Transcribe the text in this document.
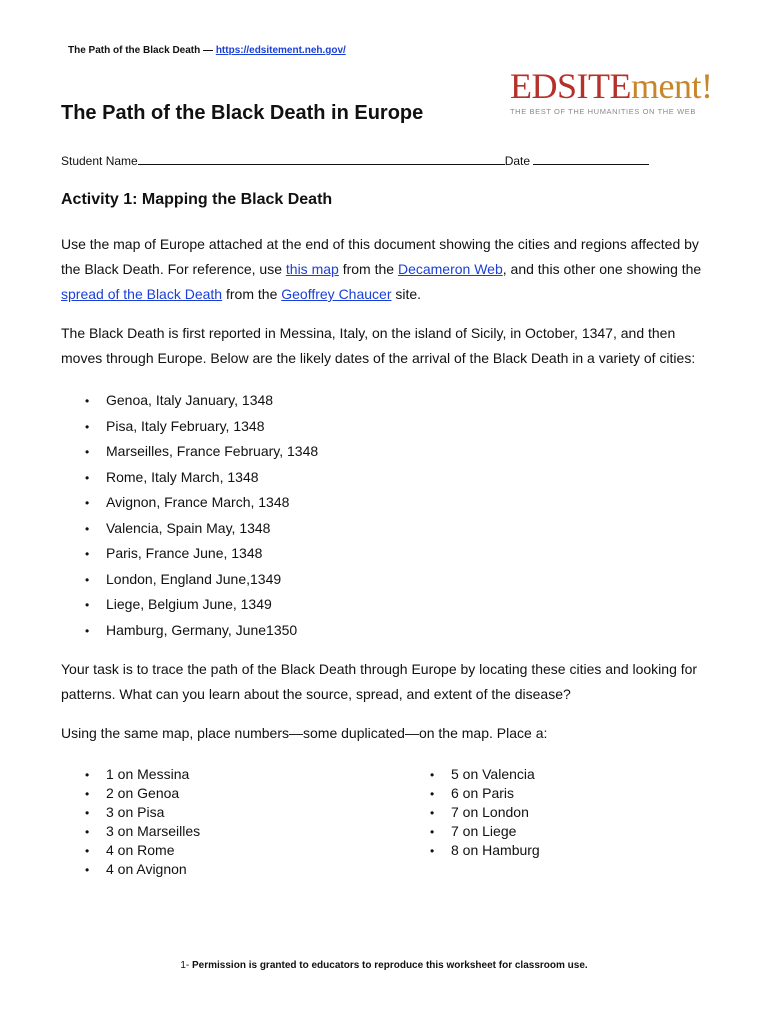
The Path of the Black Death — https://edsitement.neh.gov/
EDSITEment!
THE BEST OF THE HUMANITIES ON THE WEB
The Path of the Black Death in Europe
Student Name	Date
Activity 1: Mapping the Black Death
Use the map of Europe attached at the end of this document showing the cities and regions affected by the Black Death. For reference, use this map from the Decameron Web, and this other one showing the spread of the Black Death from the Geoffrey Chaucer site.
The Black Death is first reported in Messina, Italy, on the island of Sicily, in October, 1347, and then moves through Europe. Below are the likely dates of the arrival of the Black Death in a variety of cities:
• Genoa, Italy January, 1348
• Pisa, Italy February, 1348
• Marseilles, France February, 1348
• Rome, Italy March, 1348
• Avignon, France March, 1348
• Valencia, Spain May, 1348
• Paris, France June, 1348
• London, England June,1349
• Liege, Belgium June, 1349
• Hamburg, Germany, June1350
Your task is to trace the path of the Black Death through Europe by locating these cities and looking for patterns. What can you learn about the source, spread, and extent of the disease?
Using the same map, place numbers—some duplicated—on the map. Place a:
• 1 on Messina
• 2 on Genoa
• 3 on Pisa
• 3 on Marseilles
• 4 on Rome
• 4 on Avignon
• 5 on Valencia
• 6 on Paris
• 7 on London
• 7 on Liege
• 8 on Hamburg
1- Permission is granted to educators to reproduce this worksheet for classroom use.
